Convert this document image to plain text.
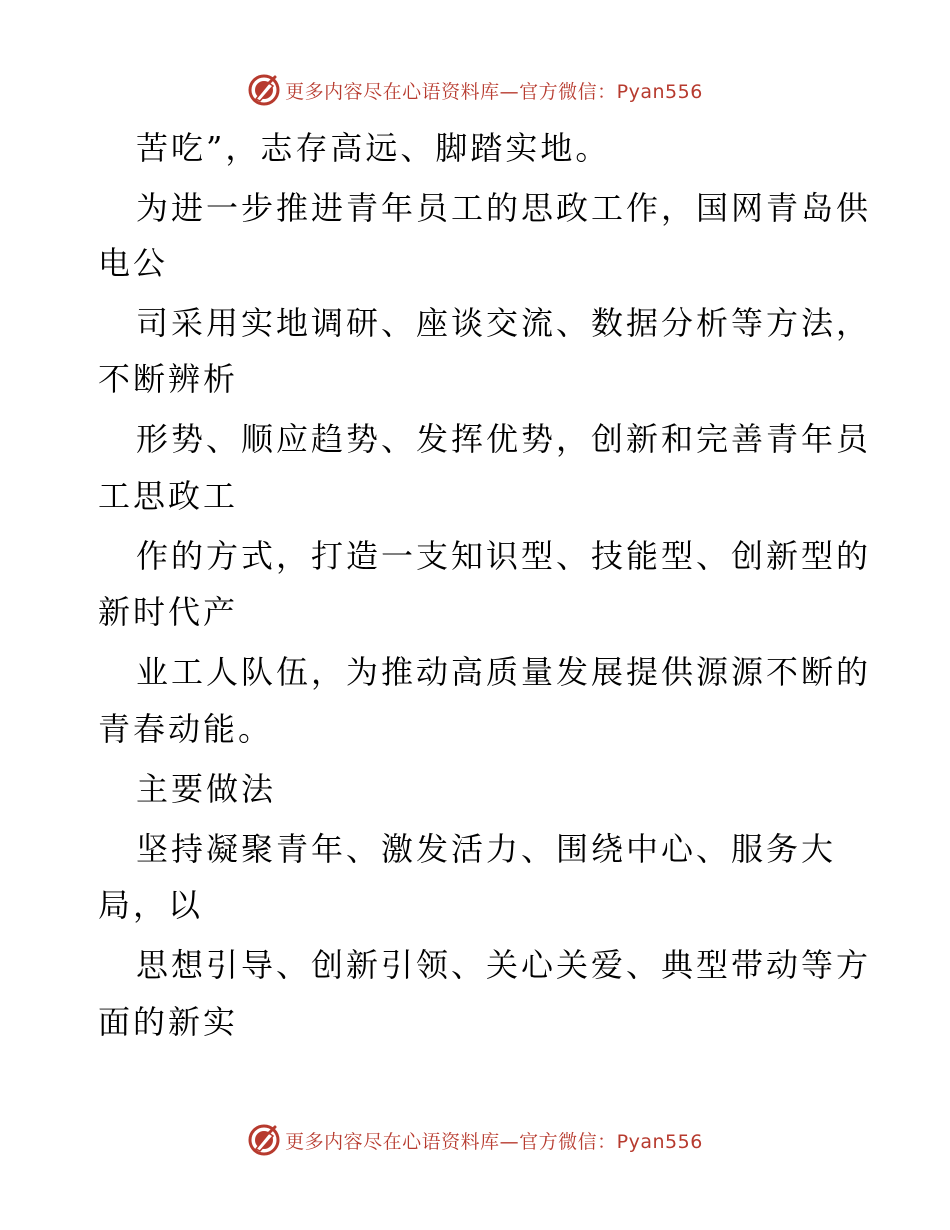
更多内容尽在心语资料库—官方微信：Pyan556
苦吃”，志存高远、脚踏实地。
为进一步推进青年员工的思政工作，国网青岛供
电公
司采用实地调研、座谈交流、数据分析等方法，
不断辨析
形势、顺应趋势、发挥优势，创新和完善青年员
工思政工
作的方式，打造一支知识型、技能型、创新型的
新时代产
业工人队伍，为推动高质量发展提供源源不断的
青春动能。
主要做法
坚持凝聚青年、激发活力、围绕中心、服务大
局，以
思想引导、创新引领、关心关爱、典型带动等方
面的新实
更多内容尽在心语资料库—官方微信：Pyan556
